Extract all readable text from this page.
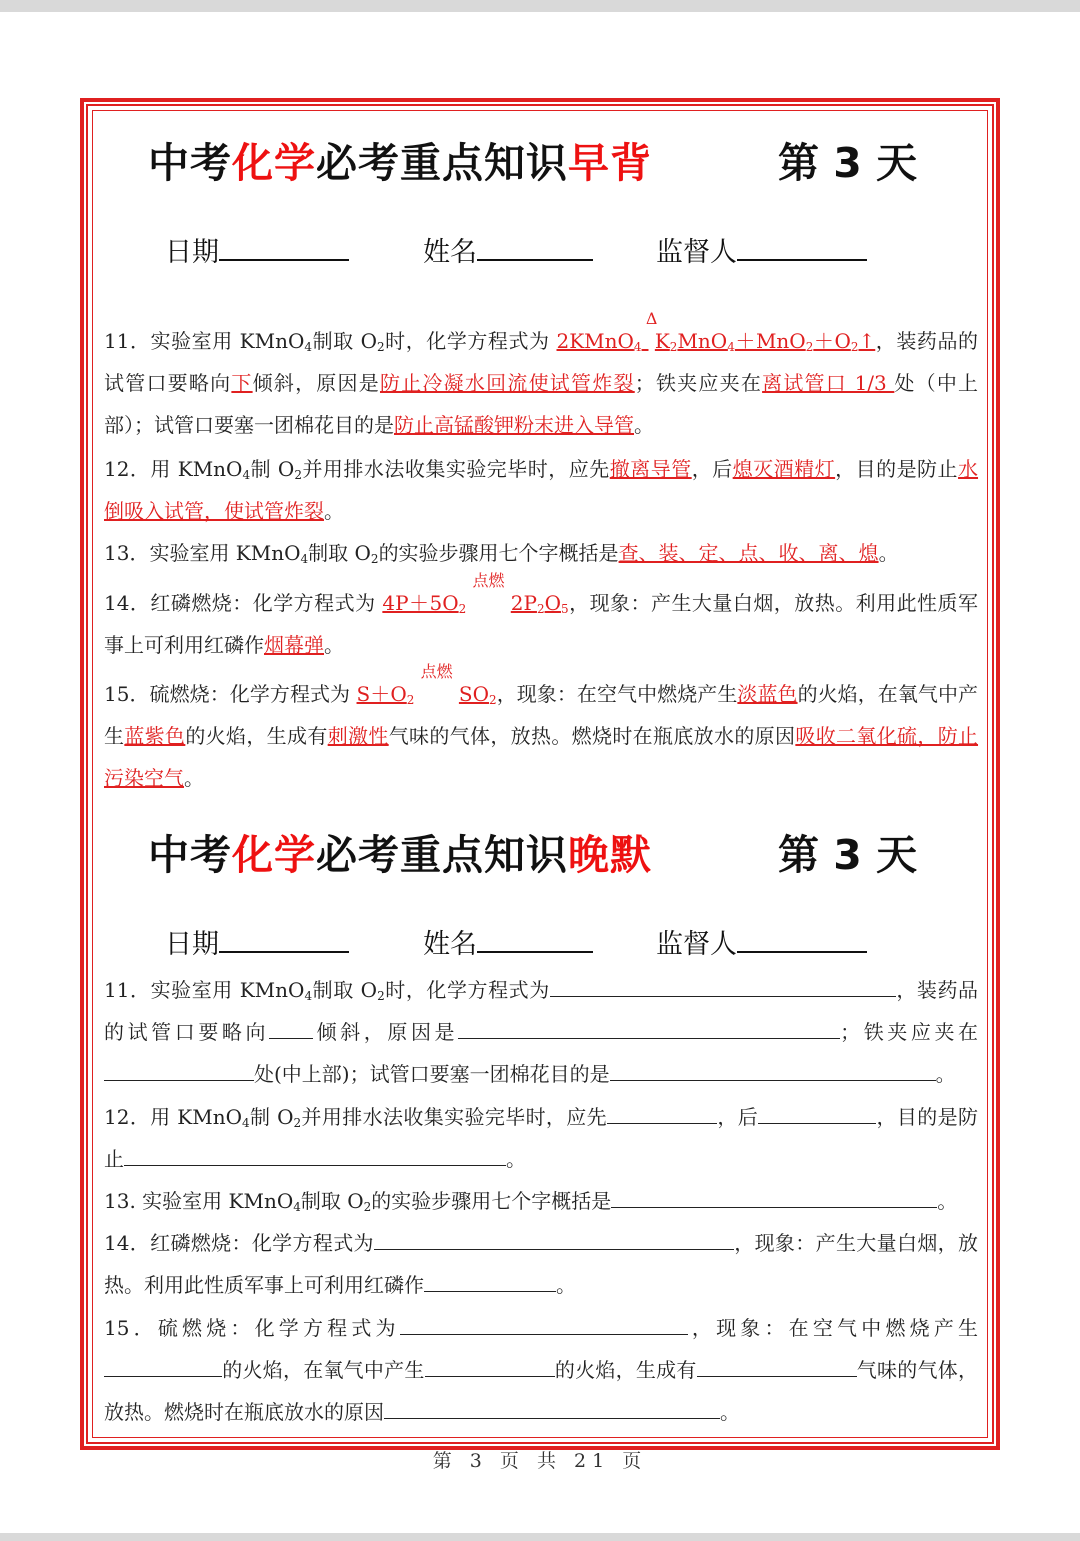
中考化学必考重点知识早背	第 3 天
日期	姓名	监督人
11．实验室用 KMnO$_4$制取 $O_2$时，化学方程式为 2KMnO$_4$
Δ
$K_2MnO_4+MnO_2+O_2↑$，装药品的试管口要略向下倾斜，原因是防止冷凝水回流使试管炸裂；铁夹应夹在离试管口 1/3 处（中上部）；试管口要塞一团棉花目的是防止高锰酸钾粉末进入导管。
12．用 KMnO$_4$制 $O_2$并用排水法收集实验完毕时，应先撤离导管，后熄灭酒精灯，目的是防止水倒吸入试管，使试管炸裂。
13．实验室用 KMnO$_4$制取 $O_2$的实验步骤用七个字概括是查、装、定、点、收、离、熄。
14．红磷燃烧：化学方程式为 $4P+5O_2$
点燃
$2P_2O_5$，现象：产生大量白烟，放热。利用此性质军事上可利用红磷作烟幕弹。
15．硫燃烧：化学方程式为 $S+O_2$
点燃
$SO_2$，现象：在空气中燃烧产生淡蓝色的火焰，在氧气中产生蓝紫色的火焰，生成有刺激性气味的气体，放热。燃烧时在瓶底放水的原因吸收二氧化硫，防止污染空气。
中考化学必考重点知识晚默	第 3 天
日期	姓名	监督人
11．实验室用 KMnO$_4$制取 $O_2$时，化学方程式为	，装药品的试管口要略向 倾斜，原因是	；铁夹应夹在处(中上部)；试管口要塞一团棉花目的是	。
12．用 KMnO$_4$制 $O_2$并用排水法收集实验完毕时，应先	，后	，目的是防止	。
13. 实验室用 KMnO$_4$制取 $O_2$的实验步骤用七个字概括是	。
14．红磷燃烧：化学方程式为	，现象：产生大量白烟，放热。利用此性质军事上可利用红磷作	。
15．硫燃烧：化学方程式为	，现象：在空气中燃烧产生的火焰，在氧气中产生	的火焰，生成有	气味的气体，放热。燃烧时在瓶底放水的原因	。
第 3 页 共 21 页
